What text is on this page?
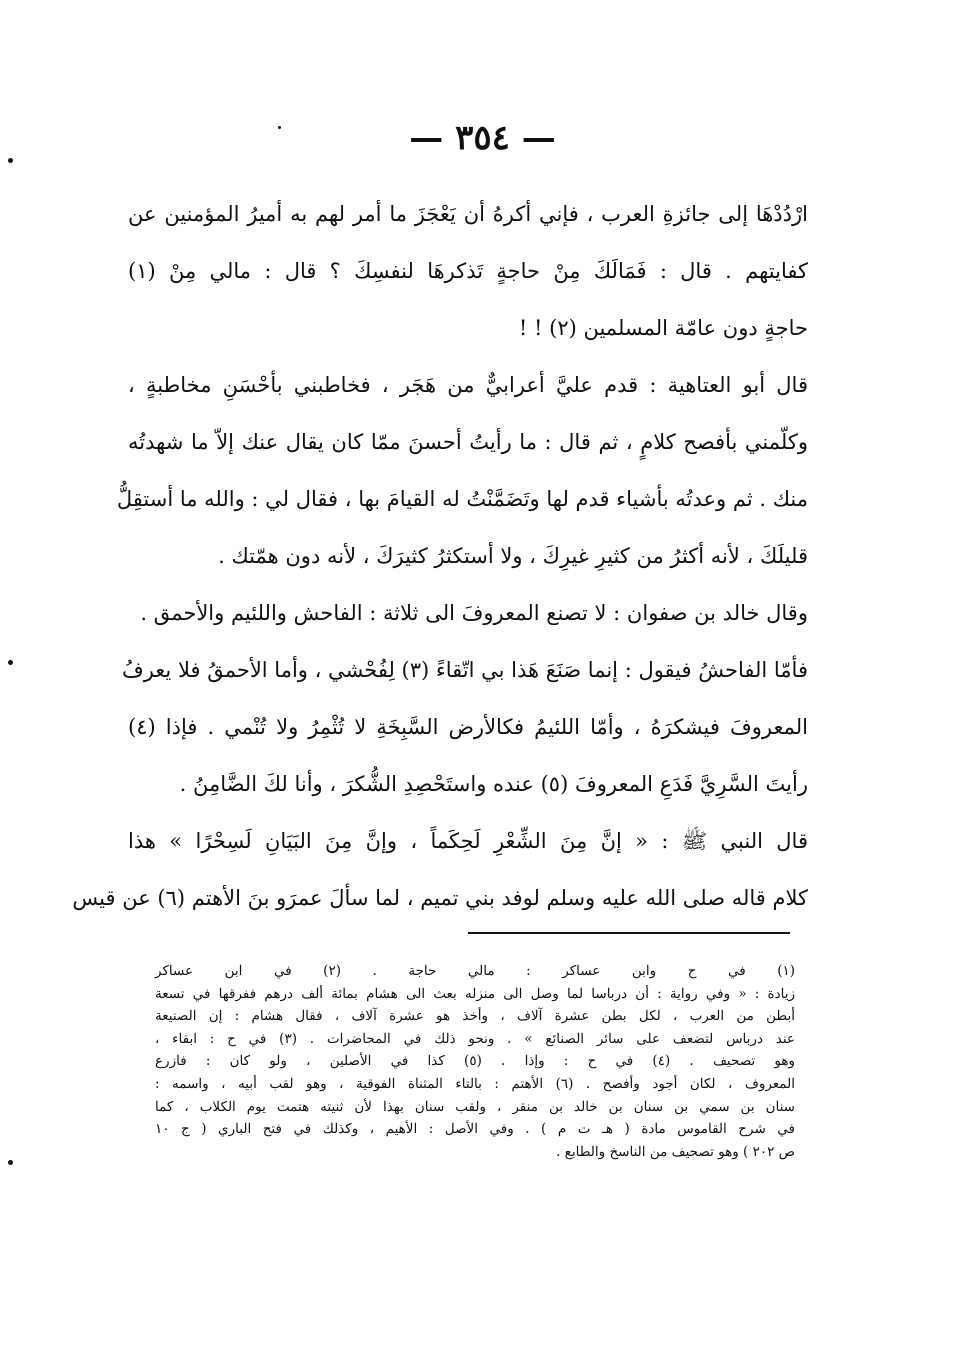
— ٣٥٤ —
ارْدُدْهَا إلى جائزةِ العرب ، فإني أكرهُ أن يَعْجَزَ ما أمر لهم به أميرُ المؤمنين عن
كفايتهم . قال : فَمَالَكَ مِنْ حاجةٍ تَذكرهَا لنفسِكَ ؟ قال : مالي مِنْ (١)
حاجةٍ دون عامّة المسلمين (٢) ! !
قال أبو العتاهية : قدم عليَّ أعرابيٌّ من هَجَر ، فخاطبني بأحْسَنِ مخاطبةٍ ،
وكلّمني بأفصح كلامٍ ، ثم قال : ما رأيتُ أحسنَ ممّا كان يقال عنك إلاّ ما شهدتُه
منك . ثم وعدتُه بأشياء قدم لها وتَضَمَّنْتُ له القيامَ بها ، فقال لي : والله ما أستقِلُّ
قليلَكَ ، لأنه أكثرُ من كثيرِ غيرِكَ ، ولا أستكثرُ كثيرَكَ ، لأنه دون همّتك .
وقال خالد بن صفوان : لا تصنع المعروفَ الى ثلاثة : الفاحش واللئيم والأحمق .
فأمّا الفاحشُ فيقول : إنما صَنَعَ هَذا بي اتّقاءً (٣) لِفُحْشي ، وأما الأحمقُ فلا يعرفُ
المعروفَ فيشكرَهُ ، وأمّا اللئيمُ فكالأرض السَّبِخَةِ لا تُثْمِرُ ولا تُنْمي . فإذا (٤)
رأيتَ السَّرِيَّ فَدَعِ المعروفَ (٥) عنده واستَحْصِدِ الشُّكرَ ، وأنا لكَ الضَّامِنُ .
قال النبي ﷺ : « إنَّ مِنَ الشِّعْرِ لَحِكَماً ، وإنَّ مِنَ البَيَانِ لَسِحْرًا » هذا
كلام قاله صلى الله عليه وسلم لوفد بني تميم ، لما سألَ عمرَو بنَ الأهتم (٦) عن قيس
(١) في ح وابن عساكر : مالي حاجة . (٢) في ابن عساكر
زيادة : « وفي رواية : أن درباسا لما وصل الى منزله بعث الى هشام بمائة ألف درهم ففرقها في تسعة
أبطن من العرب ، لكل بطن عشرة آلاف ، وأخذ هو عشرة آلاف ، فقال هشام : إن الصنيعة
عند درباس لتضعف على سائر الصنائع » . ونحو ذلك في المحاضرات . (٣) في ح : ابقاء ،
وهو تصحيف . (٤) في ح : وإذا . (٥) كذا في الأصلين ، ولو كان : فازرع
المعروف ، لكان أجود وأفصح . (٦) الأهتم : بالتاء المثناة الفوقية ، وهو لقب أبيه ، واسمه :
سنان بن سمي بن سنان بن خالد بن منقر ، ولقب سنان بهذا لأن ثنيته هتمت يوم الكلاب ، كما
في شرح القاموس مادة ( هـ ت م ) . وفي الأصل : الأهيم ، وكذلك في فتح الباري ( ج ١٠
ص ٢٠٢ ) وهو تصحيف من الناسخ والطابع .
